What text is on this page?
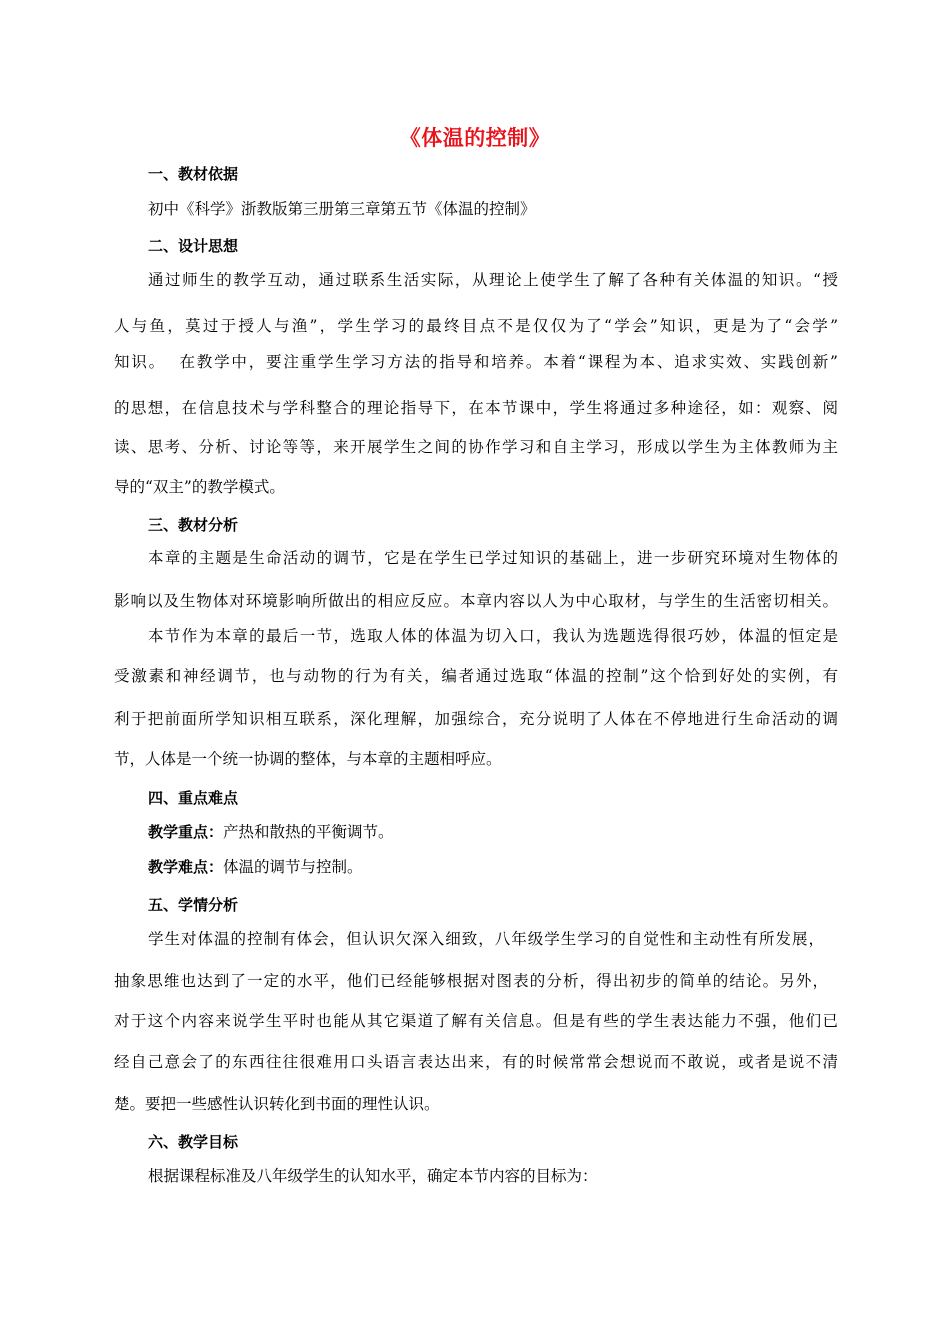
《体温的控制》
一、教材依据
初中《科学》浙教版第三册第三章第五节《体温的控制》
二、设计思想
通过师生的教学互动，通过联系生活实际，从理论上使学生了解了各种有关体温的知识。“授
人与鱼，莫过于授人与渔”，学生学习的最终目点不是仅仅为了“学会”知识，更是为了“会学”
知识。  在教学中，要注重学生学习方法的指导和培养。本着“课程为本、追求实效、实践创新”
的思想，在信息技术与学科整合的理论指导下，在本节课中，学生将通过多种途径，如：观察、阅
读、思考、分析、讨论等等，来开展学生之间的协作学习和自主学习，形成以学生为主体教师为主
导的“双主”的教学模式。
三、教材分析
本章的主题是生命活动的调节，它是在学生已学过知识的基础上，进一步研究环境对生物体的
影响以及生物体对环境影响所做出的相应反应。本章内容以人为中心取材，与学生的生活密切相关。
本节作为本章的最后一节，选取人体的体温为切入口，我认为选题选得很巧妙，体温的恒定是
受激素和神经调节，也与动物的行为有关，编者通过选取“体温的控制”这个恰到好处的实例，有
利于把前面所学知识相互联系，深化理解，加强综合，充分说明了人体在不停地进行生命活动的调
节，人体是一个统一协调的整体，与本章的主题相呼应。
四、重点难点
教学重点：产热和散热的平衡调节。
教学难点：体温的调节与控制。
五、学情分析
学生对体温的控制有体会，但认识欠深入细致，八年级学生学习的自觉性和主动性有所发展，
抽象思维也达到了一定的水平，他们已经能够根据对图表的分析，得出初步的简单的结论。另外，
对于这个内容来说学生平时也能从其它渠道了解有关信息。但是有些的学生表达能力不强，他们已
经自己意会了的东西往往很难用口头语言表达出来，有的时候常常会想说而不敢说，或者是说不清
楚。要把一些感性认识转化到书面的理性认识。
六、教学目标
根据课程标准及八年级学生的认知水平，确定本节内容的目标为：
